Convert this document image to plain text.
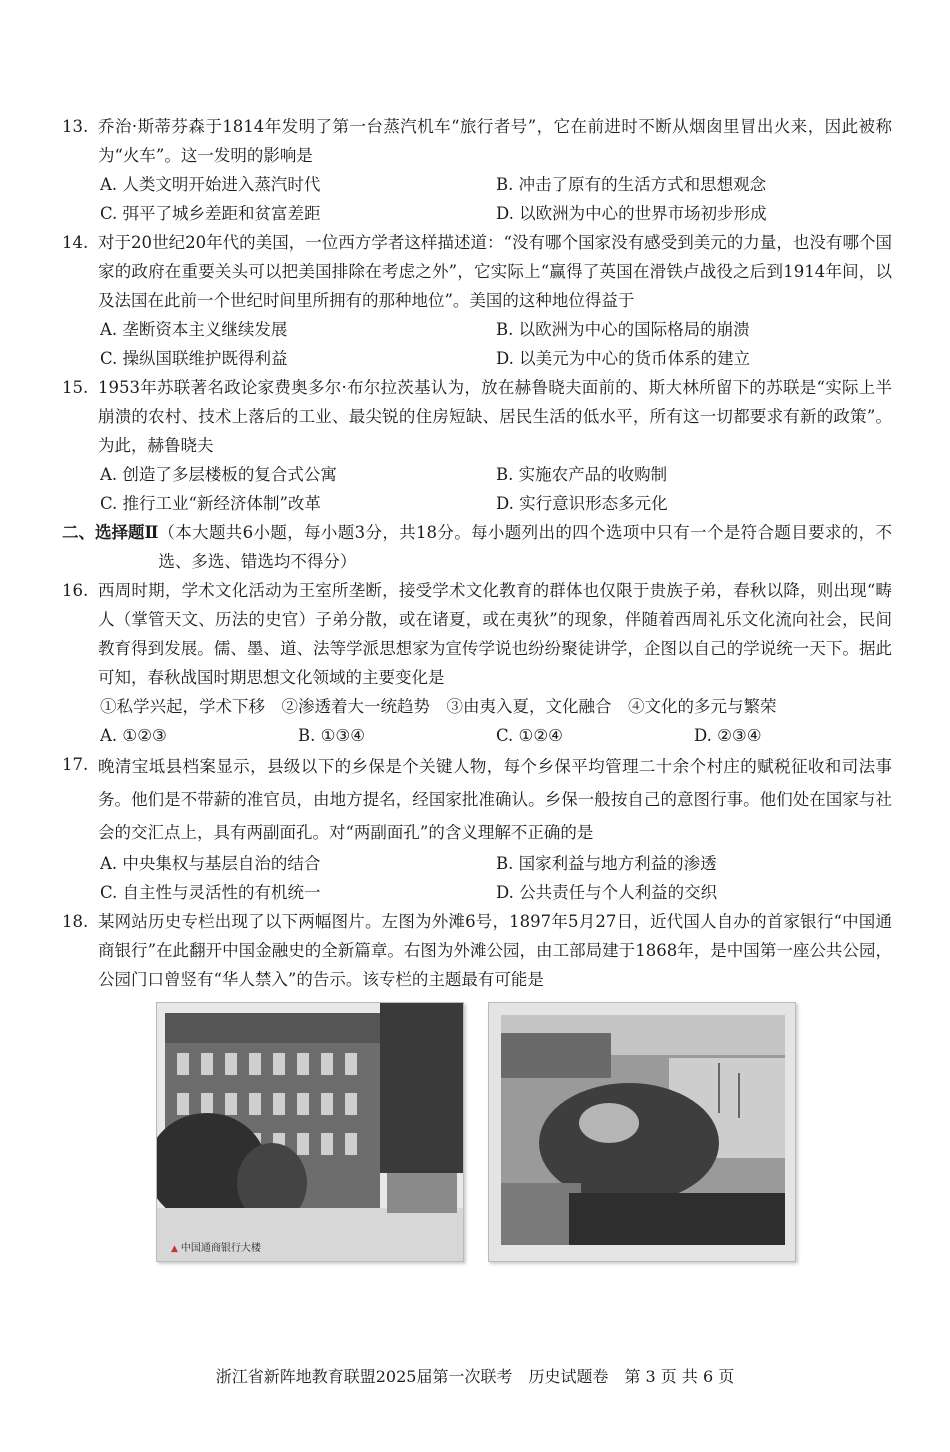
13. 乔治·斯蒂芬森于1814年发明了第一台蒸汽机车“旅行者号”，它在前进时不断从烟囱里冒出火来，因此被称为“火车”。这一发明的影响是
A. 人类文明开始进入蒸汽时代	B. 冲击了原有的生活方式和思想观念
C. 弭平了城乡差距和贫富差距	D. 以欧洲为中心的世界市场初步形成
14. 对于20世纪20年代的美国，一位西方学者这样描述道：“没有哪个国家没有感受到美元的力量，也没有哪个国家的政府在重要关头可以把美国排除在考虑之外”，它实际上“赢得了英国在滑铁卢战役之后到1914年间，以及法国在此前一个世纪时间里所拥有的那种地位”。美国的这种地位得益于
A. 垄断资本主义继续发展	B. 以欧洲为中心的国际格局的崩溃
C. 操纵国联维护既得利益	D. 以美元为中心的货币体系的建立
15. 1953年苏联著名政论家费奥多尔·布尔拉茨基认为，放在赫鲁晓夫面前的、斯大林所留下的苏联是“实际上半崩溃的农村、技术上落后的工业、最尖锐的住房短缺、居民生活的低水平，所有这一切都要求有新的政策”。为此，赫鲁晓夫
A. 创造了多层楼板的复合式公寓	B. 实施农产品的收购制
C. 推行工业“新经济体制”改革	D. 实行意识形态多元化
二、选择题Ⅱ （本大题共6小题，每小题3分，共18分。每小题列出的四个选项中只有一个是符合题目要求的，不选、多选、错选均不得分）
16. 西周时期，学术文化活动为王室所垄断，接受学术文化教育的群体也仅限于贵族子弟，春秋以降，则出现“畴人（掌管天文、历法的史官）子弟分散，或在诸夏，或在夷狄”的现象，伴随着西周礼乐文化流向社会，民间教育得到发展。儒、墨、道、法等学派思想家为宣传学说也纷纷聚徒讲学，企图以自己的学说统一天下。据此可知，春秋战国时期思想文化领域的主要变化是
①私学兴起，学术下移　②渗透着大一统趋势　③由夷入夏，文化融合　④文化的多元与繁荣
A. ①②③	B. ①③④	C. ①②④	D. ②③④
17. 晚清宝坻县档案显示，县级以下的乡保是个关键人物，每个乡保平均管理二十余个村庄的赋税征收和司法事务。他们是不带薪的准官员，由地方提名，经国家批准确认。乡保一般按自己的意图行事。他们处在国家与社会的交汇点上，具有两副面孔。对“两副面孔”的含义理解不正确的是
A. 中央集权与基层自治的结合	B. 国家利益与地方利益的渗透
C. 自主性与灵活性的有机统一	D. 公共责任与个人利益的交织
18. 某网站历史专栏出现了以下两幅图片。左图为外滩6号，1897年5月27日，近代国人自办的首家银行“中国通商银行”在此翻开中国金融史的全新篇章。右图为外滩公园，由工部局建于1868年，是中国第一座公共公园，公园门口曾竖有“华人禁入”的告示。该专栏的主题最有可能是
▲ 中国通商银行大楼
浙江省新阵地教育联盟2025届第一次联考　历史试题卷　第 3 页 共 6 页
